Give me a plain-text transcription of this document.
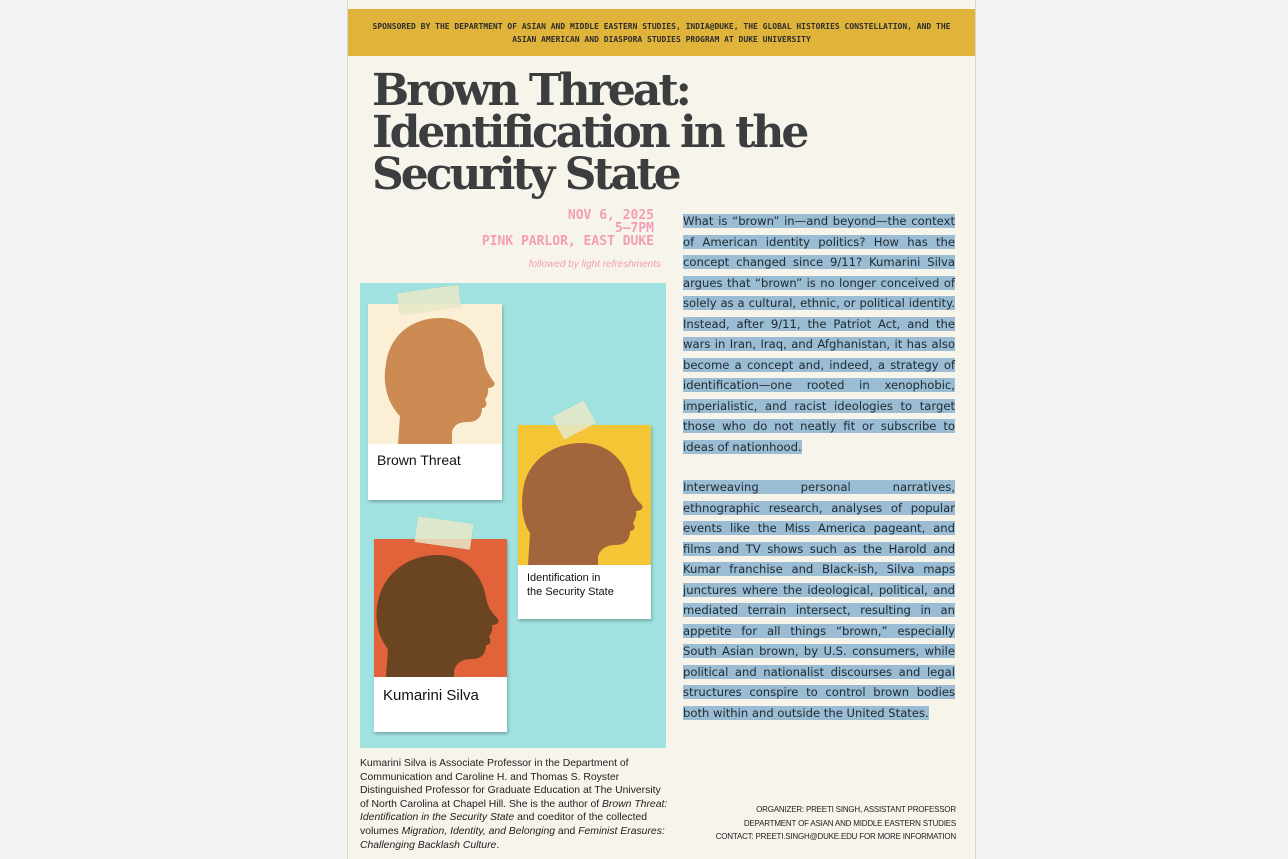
SPONSORED BY THE DEPARTMENT OF ASIAN AND MIDDLE EASTERN STUDIES, INDIA@DUKE, THE GLOBAL HISTORIES CONSTELLATION, AND THE ASIAN AMERICAN AND DIASPORA STUDIES PROGRAM AT DUKE UNIVERSITY
Brown Threat:
Identification in the
Security State
NOV 6, 2025
5–7PM
PINK PARLOR, EAST DUKE
followed by light refreshments
Brown Threat
Identification in
the Security State
Kumarini Silva
Kumarini Silva is Associate Professor in the Department of Communication and Caroline H. and Thomas S. Royster Distinguished Professor for Graduate Education at The University of North Carolina at Chapel Hill. She is the author of Brown Threat: Identification in the Security State and coeditor of the collected volumes Migration, Identity, and Belonging and Feminist Erasures: Challenging Backlash Culture.

What is “brown” in—and beyond—the context of American identity politics? How has the concept changed since 9/11? Kumarini Silva argues that “brown” is no longer conceived of solely as a cultural, ethnic, or political identity. Instead, after 9/11, the Patriot Act, and the wars in Iran, Iraq, and Afghanistan, it has also become a concept and, indeed, a strategy of identification—one rooted in xenophobic, imperialistic, and racist ideologies to target those who do not neatly fit or subscribe to ideas of nationhood.

Interweaving personal narratives, ethnographic research, analyses of popular events like the Miss America pageant, and films and TV shows such as the Harold and Kumar franchise and Black-ish, Silva maps junctures where the ideological, political, and mediated terrain intersect, resulting in an appetite for all things “brown,” especially South Asian brown, by U.S. consumers, while political and nationalist discourses and legal structures conspire to control brown bodies both within and outside the United States.

ORGANIZER: PREETI SINGH, ASSISTANT PROFESSOR
DEPARTMENT OF ASIAN AND MIDDLE EASTERN STUDIES
CONTACT: PREETI.SINGH@DUKE.EDU FOR MORE INFORMATION
